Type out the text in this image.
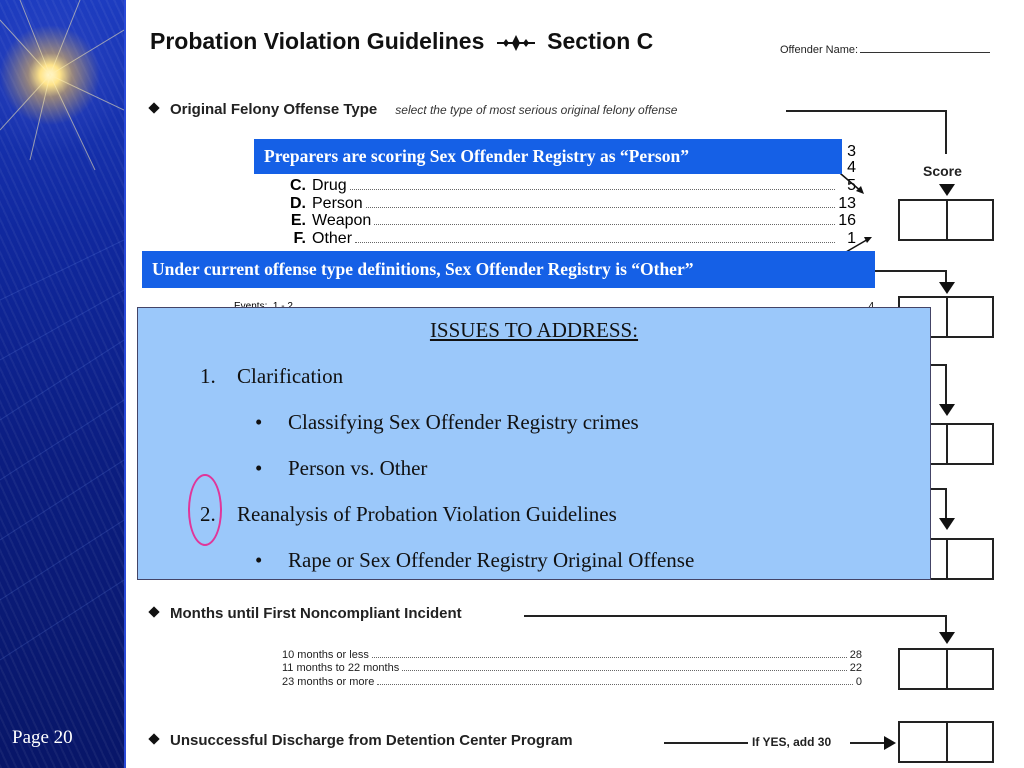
Page 20
Probation Violation Guidelines	Section C	Offender Name:
Original Felony Offense Type select the type of most serious original felony offense
Score
3
4
C. Drug	5
D. Person	13
E. Weapon	16
F. Other	1

Months until First Noncompliant Incident
10 months or less	28
11 months to 22 months	22
23 months or more	0
Unsuccessful Discharge from Detention Center Program	If YES, add 30
Preparers are scoring Sex Offender Registry as “Person”
Under current offense type definitions, Sex Offender Registry is “Other”
ISSUES TO ADDRESS:
1. Clarification
• Classifying Sex Offender Registry crimes
• Person vs. Other
2. Reanalysis of Probation Violation Guidelines
• Rape or Sex Offender Registry Original Offense
